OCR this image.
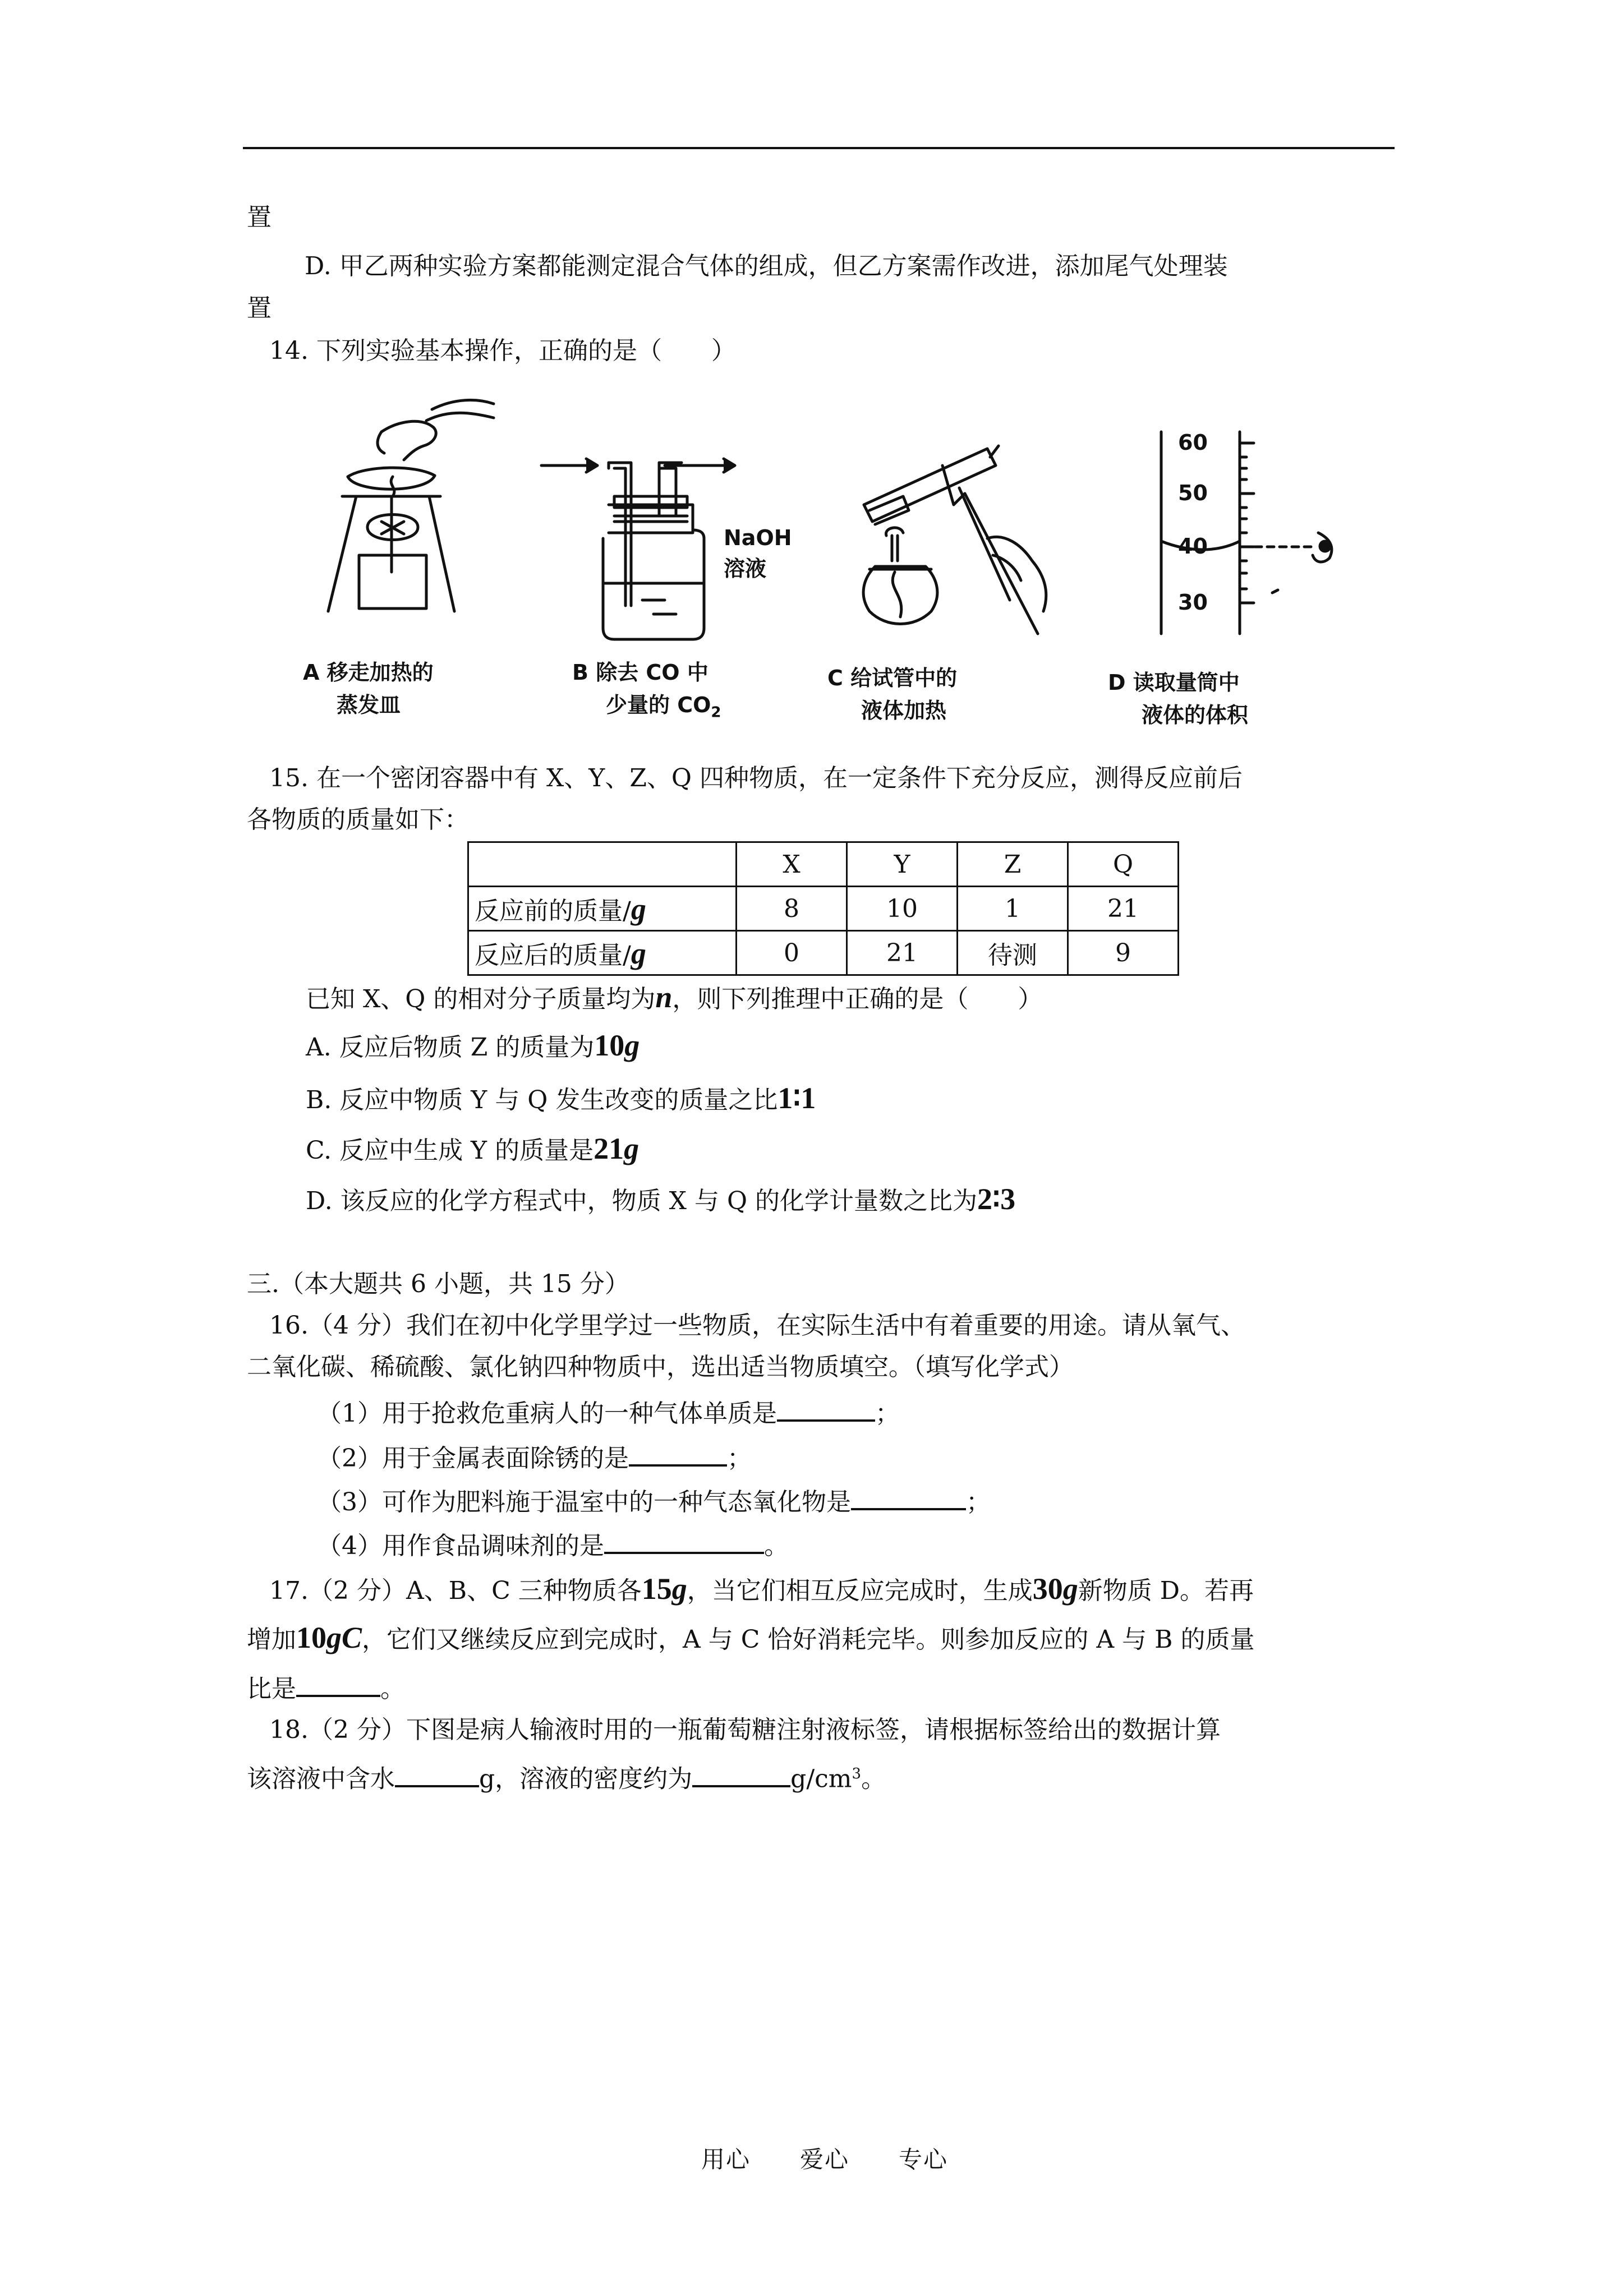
置
D. 甲乙两种实验方案都能测定混合气体的组成，但乙方案需作改进，添加尾气处理装
置
14. 下列实验基本操作，正确的是（　　）
NaOH
溶液
60
50
40
30
A 移走加热的
蒸发皿
B 除去 CO 中
少量的 $CO_2$
C 给试管中的
液体加热
D 读取量筒中
液体的体积
15. 在一个密闭容器中有 X、Y、Z、Q 四种物质，在一定条件下充分反应，测得反应前后
各物质的质量如下：
	X	Y	Z	Q
反应前的质量/g	8	10	1	21
反应后的质量/g	0	21	待测	9
已知 X、Q 的相对分子质量均为n，则下列推理中正确的是（　　）
A. 反应后物质 Z 的质量为10g
B. 反应中物质 Y 与 Q 发生改变的质量之比1∶1
C. 反应中生成 Y 的质量是21g
D. 该反应的化学方程式中，物质 X 与 Q 的化学计量数之比为2∶3
三.（本大题共 6 小题，共 15 分）
16.（4 分）我们在初中化学里学过一些物质，在实际生活中有着重要的用途。请从氧气、
二氧化碳、稀硫酸、氯化钠四种物质中，选出适当物质填空。（填写化学式）
（1）用于抢救危重病人的一种气体单质是	；
（2）用于金属表面除锈的是	；
（3）可作为肥料施于温室中的一种气态氧化物是	；
（4）用作食品调味剂的是	。
17.（2 分）A、B、C 三种物质各15g，当它们相互反应完成时，生成30g新物质 D。若再
增加10gC，它们又继续反应到完成时，A 与 C 恰好消耗完毕。则参加反应的 A 与 B 的质量
比是	。
18.（2 分）下图是病人输液时用的一瓶葡萄糖注射液标签，请根据标签给出的数据计算
该溶液中含水	g，溶液的密度约为	$g/cm^3$。
用心　　爱心　　专心
